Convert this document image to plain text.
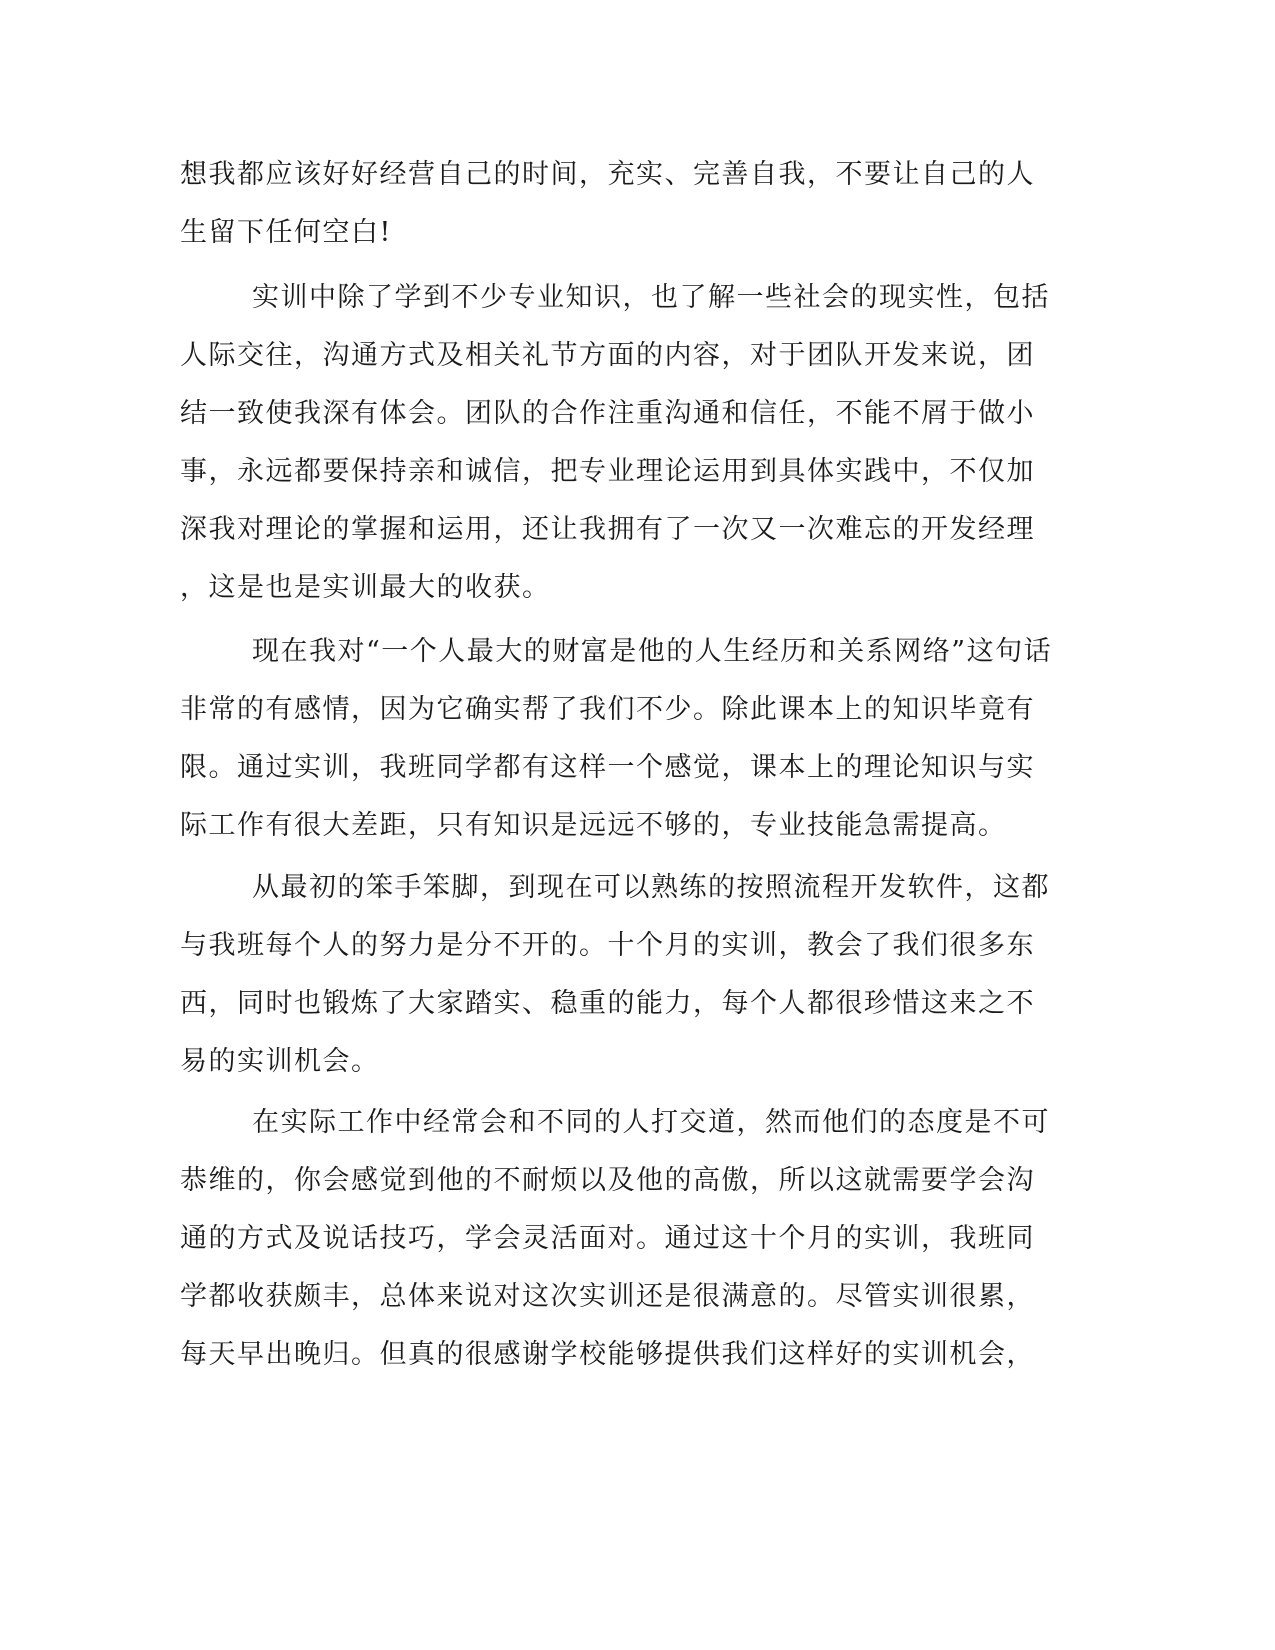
想我都应该好好经营自己的时间，充实、完善自我，不要让自己的人
生留下任何空白!
实训中除了学到不少专业知识，也了解一些社会的现实性，包括
人际交往，沟通方式及相关礼节方面的内容，对于团队开发来说，团
结一致使我深有体会。团队的合作注重沟通和信任，不能不屑于做小
事，永远都要保持亲和诚信，把专业理论运用到具体实践中，不仅加
深我对理论的掌握和运用，还让我拥有了一次又一次难忘的开发经理
，这是也是实训最大的收获。
现在我对“一个人最大的财富是他的人生经历和关系网络”这句话
非常的有感情，因为它确实帮了我们不少。除此课本上的知识毕竟有
限。通过实训，我班同学都有这样一个感觉，课本上的理论知识与实
际工作有很大差距，只有知识是远远不够的，专业技能急需提高。
从最初的笨手笨脚，到现在可以熟练的按照流程开发软件，这都
与我班每个人的努力是分不开的。十个月的实训，教会了我们很多东
西，同时也锻炼了大家踏实、稳重的能力，每个人都很珍惜这来之不
易的实训机会。
在实际工作中经常会和不同的人打交道，然而他们的态度是不可
恭维的，你会感觉到他的不耐烦以及他的高傲，所以这就需要学会沟
通的方式及说话技巧，学会灵活面对。通过这十个月的实训，我班同
学都收获颇丰，总体来说对这次实训还是很满意的。尽管实训很累，
每天早出晚归。但真的很感谢学校能够提供我们这样好的实训机会，
